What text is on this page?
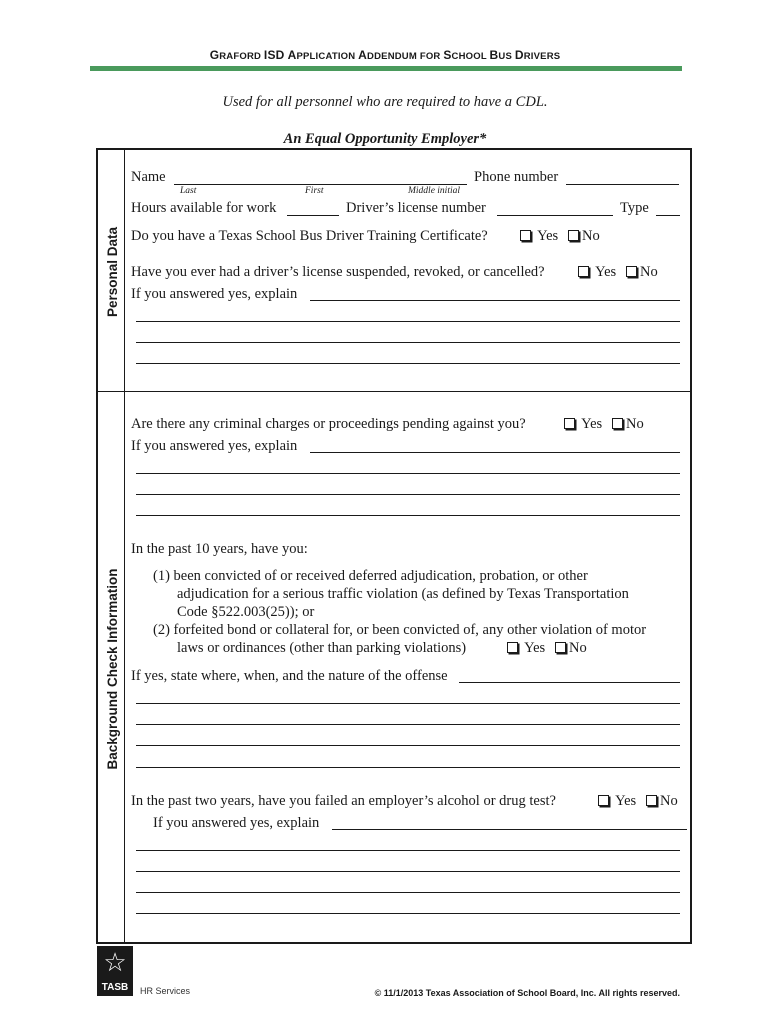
GRAFORD ISD APPLICATION ADDENDUM FOR SCHOOL BUS DRIVERS
Used for all personnel who are required to have a CDL.
An Equal Opportunity Employer*
Personal Data
Background Check Information
Name	Phone number
Last	First	Middle initial
Hours available for work	Driver’s license number	Type
Do you have a Texas School Bus Driver Training Certificate?	Yes	No
Have you ever had a driver’s license suspended, revoked, or cancelled?	Yes	No
If you answered yes, explain
Are there any criminal charges or proceedings pending against you?	Yes	No
If you answered yes, explain
In the past 10 years, have you:
(1) been convicted of or received deferred adjudication, probation, or other
adjudication for a serious traffic violation (as defined by Texas Transportation
Code §522.003(25)); or
(2) forfeited bond or collateral for, or been convicted of, any other violation of motor
laws or ordinances (other than parking violations)	Yes	No
If yes, state where, when, and the nature of the offense
In the past two years, have you failed an employer’s alcohol or drug test?	Yes	No
If you answered yes, explain
☆
TASB	HR Services	© 11/1/2013 Texas Association of School Board, Inc. All rights reserved.
